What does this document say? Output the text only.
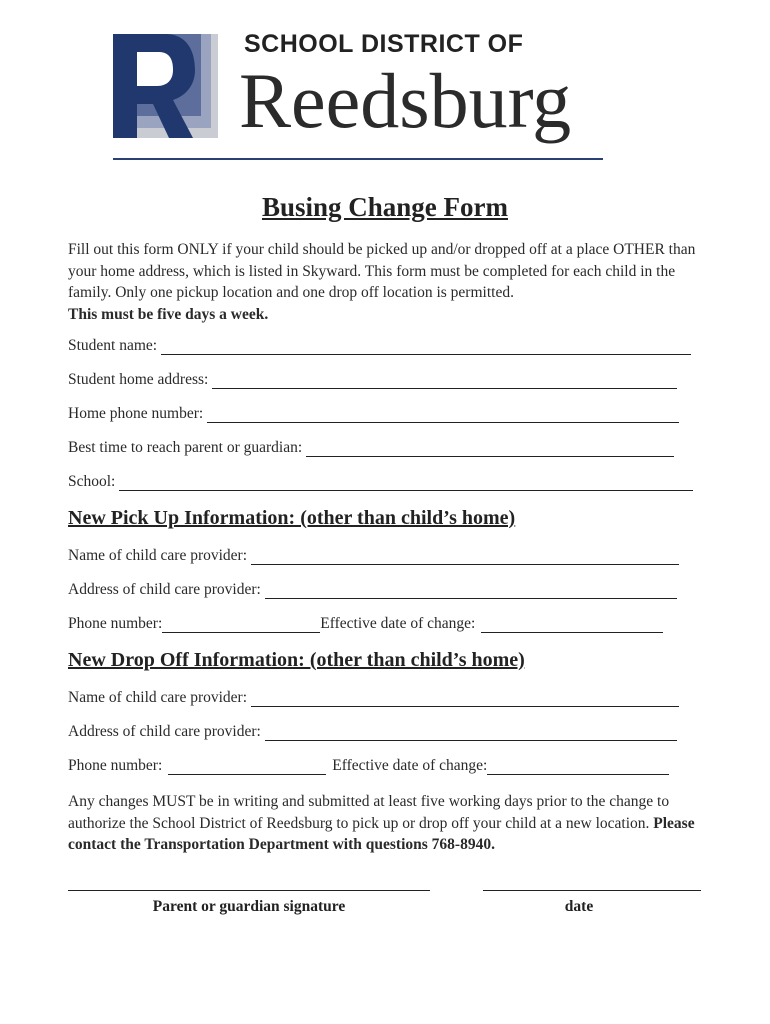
SCHOOL DISTRICT OF
Reedsburg
Busing Change Form
Fill out this form ONLY if your child should be picked up and/or dropped off at a place OTHER than your home address, which is listed in Skyward. This form must be completed for each child in the family. Only one pickup location and one drop off location is permitted.
This must be five days a week.
Student name:
Student home address:
Home phone number:
Best time to reach parent or guardian:
School:
New Pick Up Information: (other than child’s home)
Name of child care provider:
Address of child care provider:
Phone number:	Effective date of change:
New Drop Off Information: (other than child’s home)
Name of child care provider:
Address of child care provider:
Phone number:	Effective date of change:
Any changes MUST be in writing and submitted at least five working days prior to the change to authorize the School District of Reedsburg to pick up or drop off your child at a new location. Please contact the Transportation Department with questions 768-8940.
Parent or guardian signature	date
